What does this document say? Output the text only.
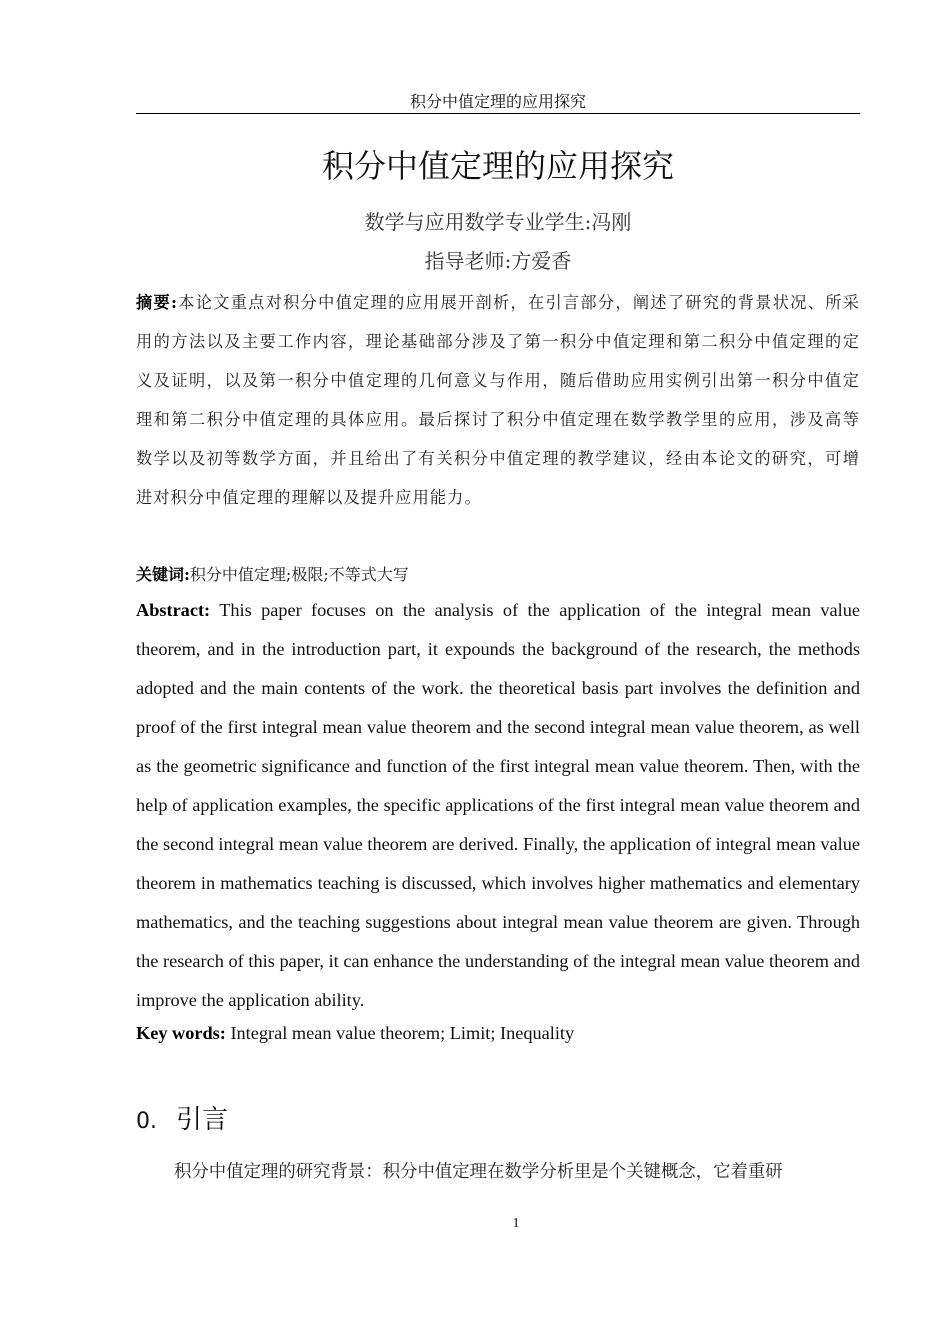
积分中值定理的应用探究
积分中值定理的应用探究
数学与应用数学专业学生:冯刚
指导老师:方爱香

摘要:本论文重点对积分中值定理的应用展开剖析，在引言部分，阐述了研究的背景状况、所采用的方法以及主要工作内容，理论基础部分涉及了第一积分中值定理和第二积分中值定理的定义及证明，以及第一积分中值定理的几何意义与作用，随后借助应用实例引出第一积分中值定理和第二积分中值定理的具体应用。最后探讨了积分中值定理在数学教学里的应用，涉及高等数学以及初等数学方面，并且给出了有关积分中值定理的教学建议，经由本论文的研究，可增进对积分中值定理的理解以及提升应用能力。

关键词:积分中值定理;极限;不等式大写

Abstract: This paper focuses on the analysis of the application of the integral mean value theorem, and in the introduction part, it expounds the background of the research, the methods adopted and the main contents of the work. the theoretical basis part involves the definition and proof of the first integral mean value theorem and the second integral mean value theorem, as well as the geometric significance and function of the first integral mean value theorem. Then, with the help of application examples, the specific applications of the first integral mean value theorem and the second integral mean value theorem are derived. Finally, the application of integral mean value theorem in mathematics teaching is discussed, which involves higher mathematics and elementary mathematics, and the teaching suggestions about integral mean value theorem are given. Through the research of this paper, it can enhance the understanding of the integral mean value theorem and improve the application ability.

Key words: Integral mean value theorem; Limit; Inequality

0. 引言

积分中值定理的研究背景：积分中值定理在数学分析里是个关键概念，它着重研

1
